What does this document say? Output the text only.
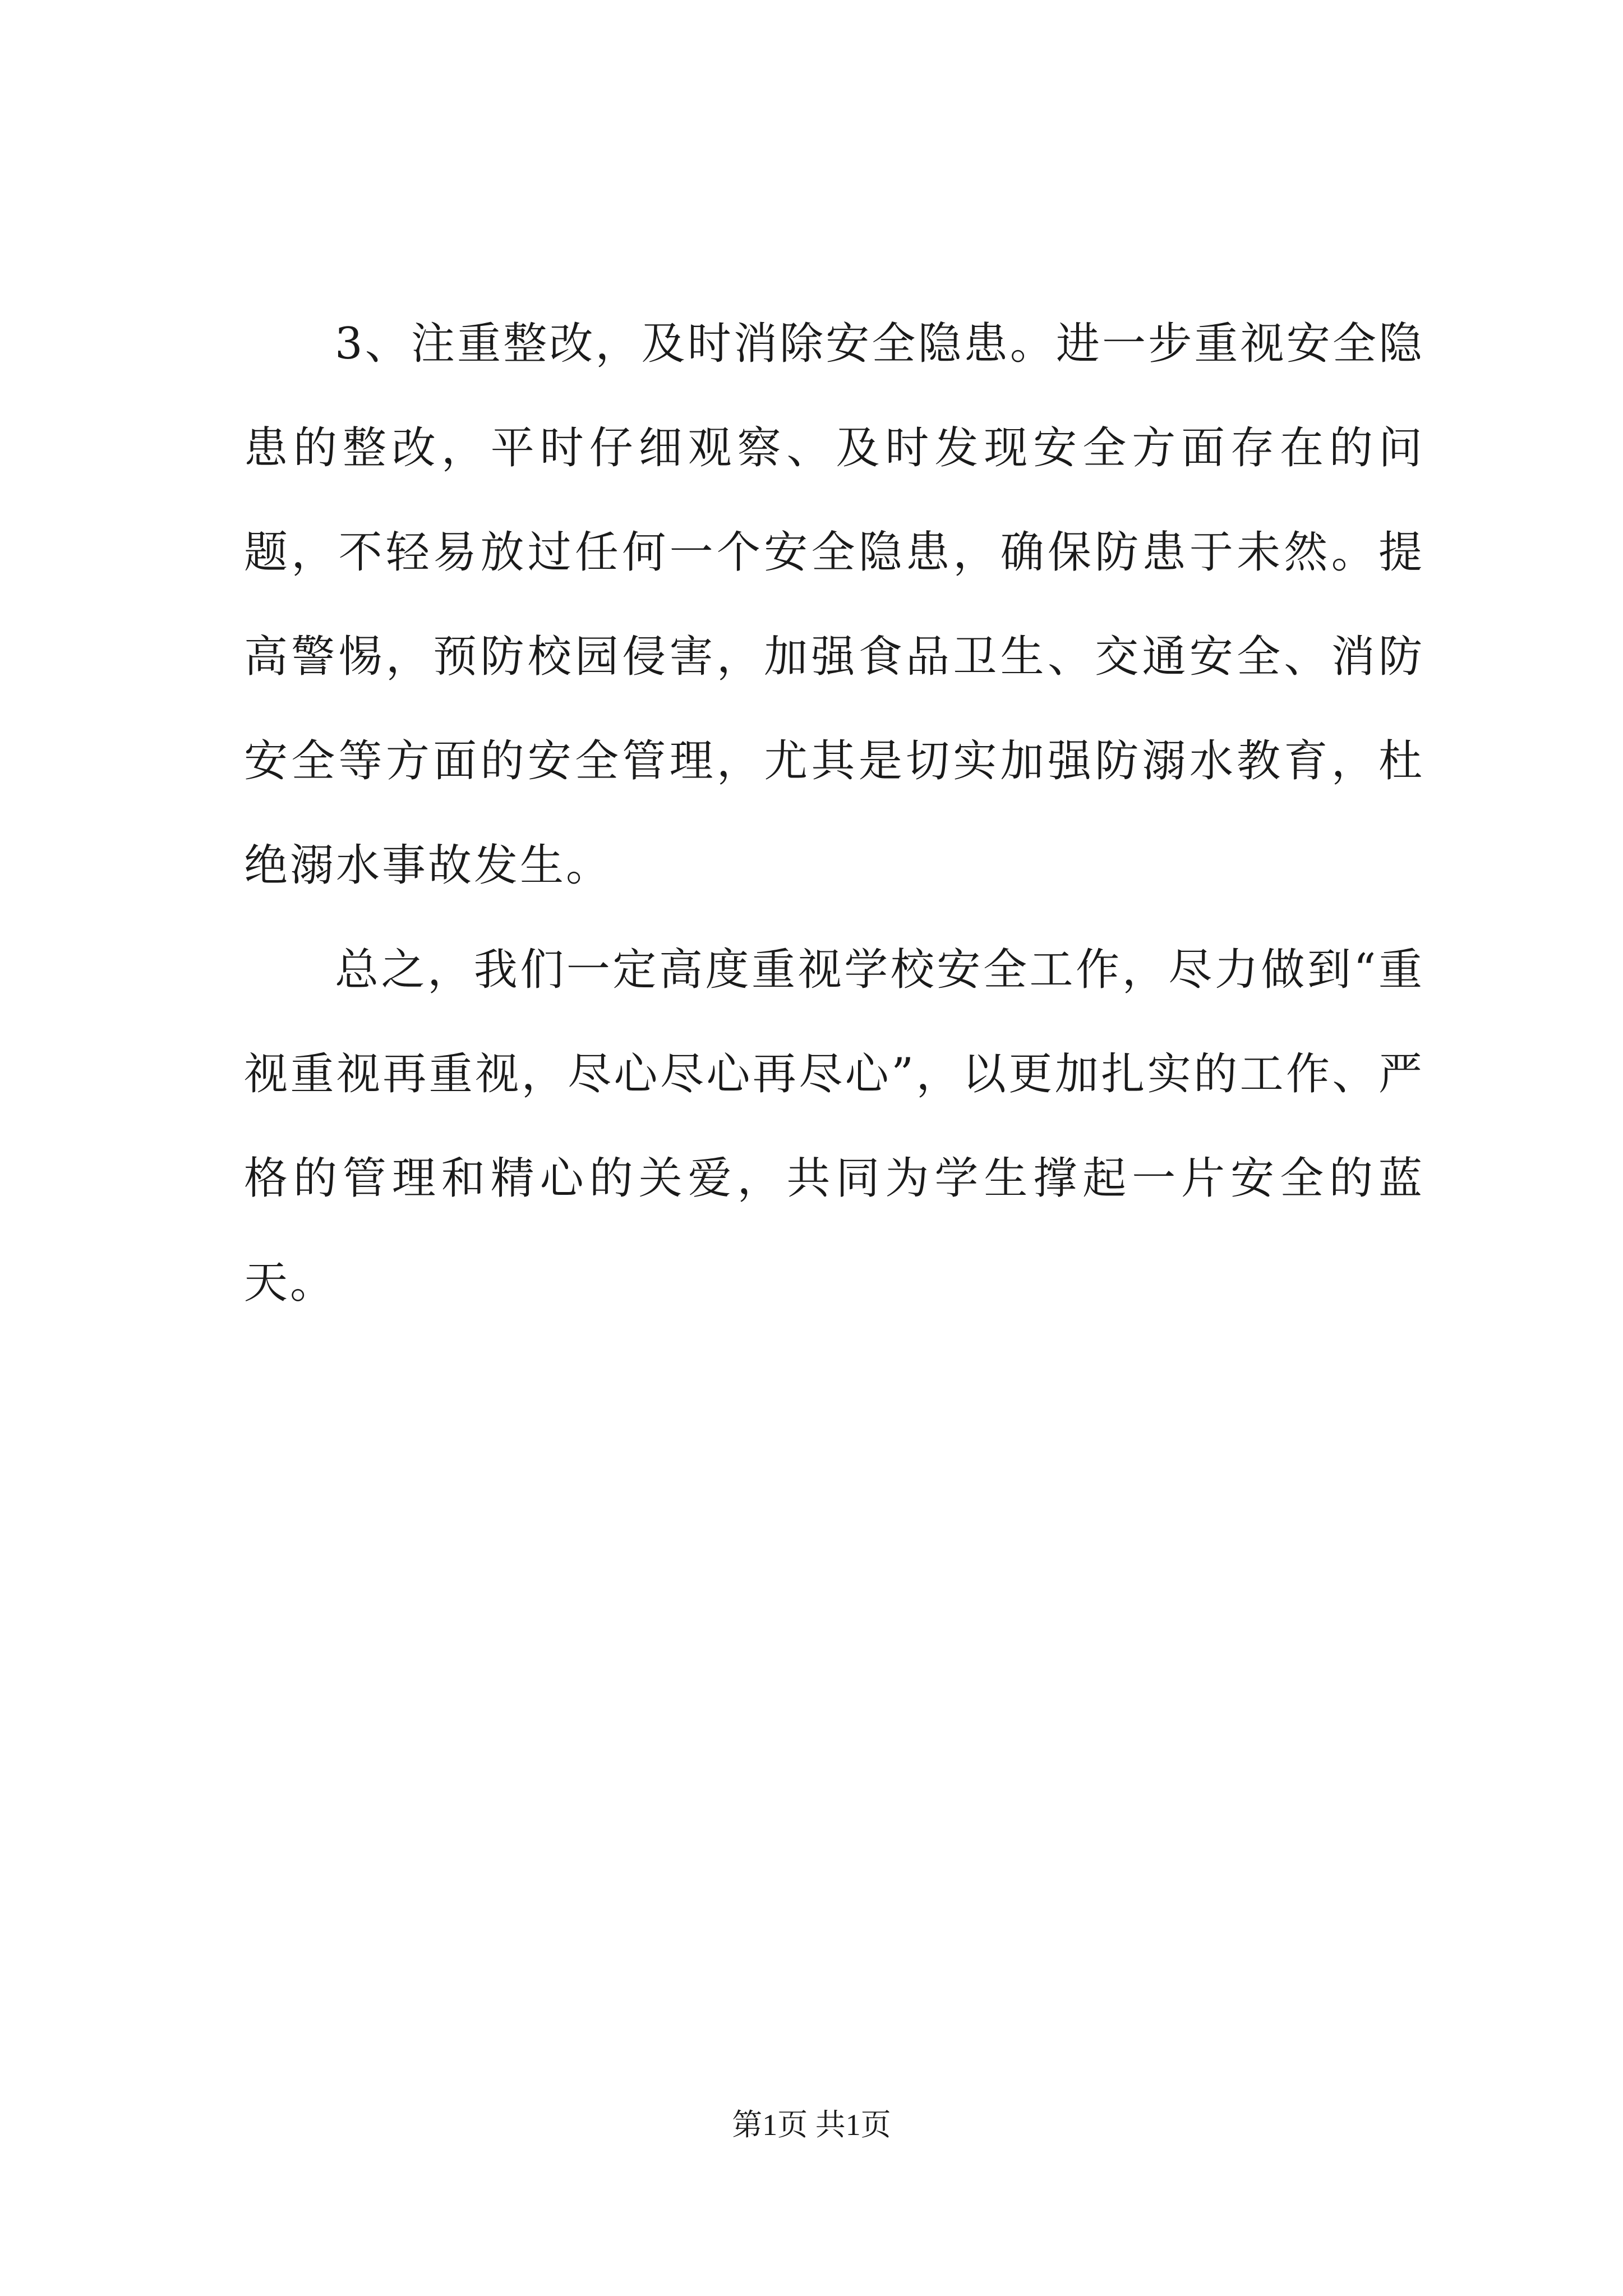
3、注重整改，及时消除安全隐患。进一步重视安全隐患的整改，平时仔细观察、及时发现安全方面存在的问题，不轻易放过任何一个安全隐患，确保防患于未然。提高警惕，预防校园侵害，加强食品卫生、交通安全、消防安全等方面的安全管理，尤其是切实加强防溺水教育，杜绝溺水事故发生。

总之，我们一定高度重视学校安全工作，尽力做到“重视重视再重视，尽心尽心再尽心”，以更加扎实的工作、严格的管理和精心的关爱，共同为学生撑起一片安全的蓝天。

第1页 共1页
